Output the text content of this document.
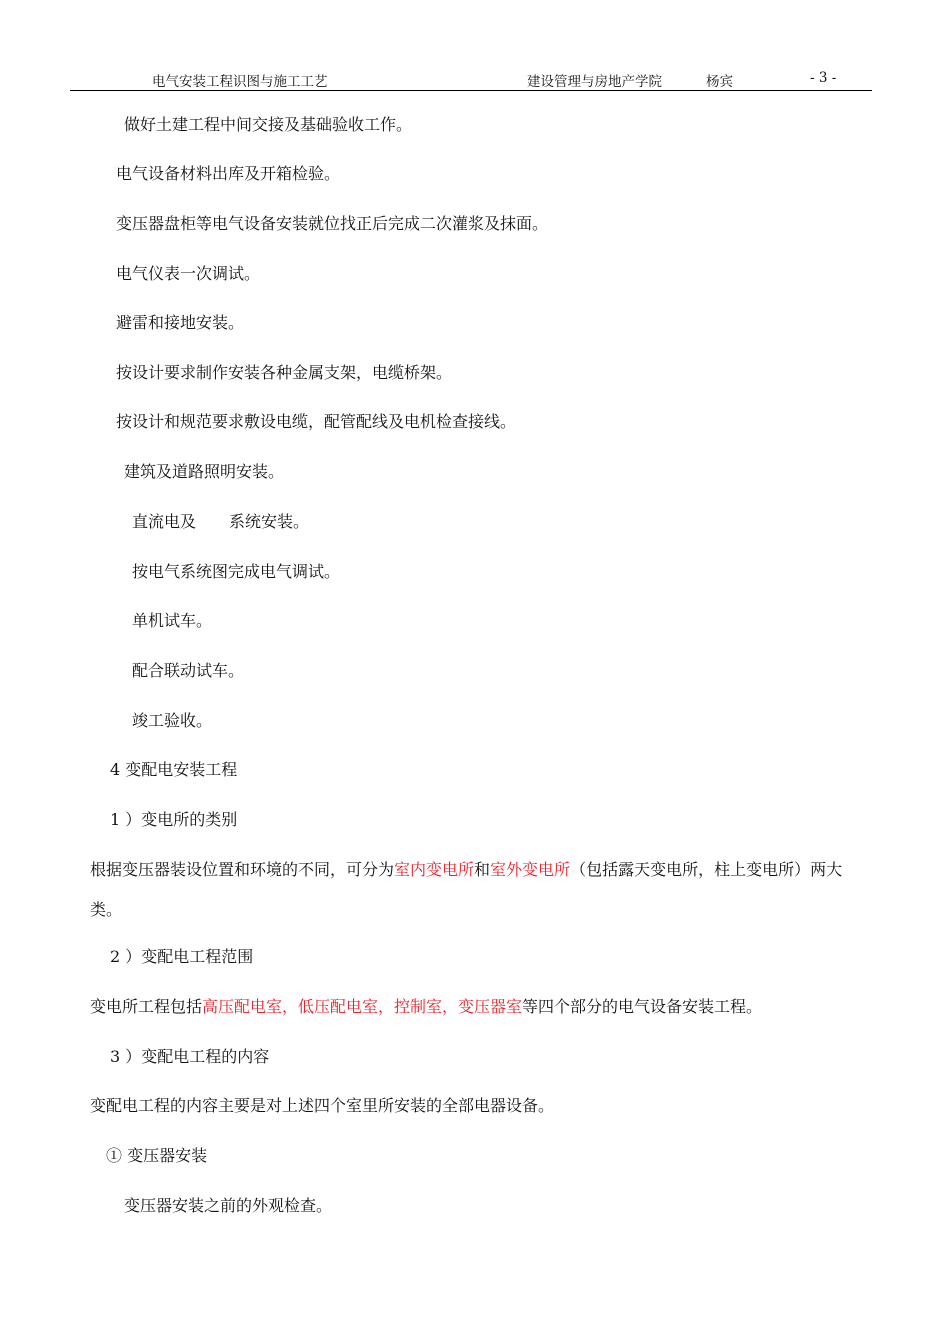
电气安装工程识图与施工工艺	建设管理与房地产学院	杨宾	- 3 -
做好土建工程中间交接及基础验收工作。
电气设备材料出库及开箱检验。
变压器盘柜等电气设备安装就位找正后完成二次灌浆及抹面。
电气仪表一次调试。
避雷和接地安装。
按设计要求制作安装各种金属支架，电缆桥架。
按设计和规范要求敷设电缆，配管配线及电机检查接线。
建筑及道路照明安装。
直流电及 系统安装。
按电气系统图完成电气调试。
单机试车。
配合联动试车。
竣工验收。
4 变配电安装工程
1 ）变电所的类别
根据变压器装设位置和环境的不同，可分为室内变电所和室外变电所（包括露天变电所，柱上变电所）两大类。
2 ）变配电工程范围
变电所工程包括高压配电室，低压配电室，控制室，变压器室等四个部分的电气设备安装工程。
3 ）变配电工程的内容
变配电工程的内容主要是对上述四个室里所安装的全部电器设备。
① 变压器安装
变压器安装之前的外观检查。
